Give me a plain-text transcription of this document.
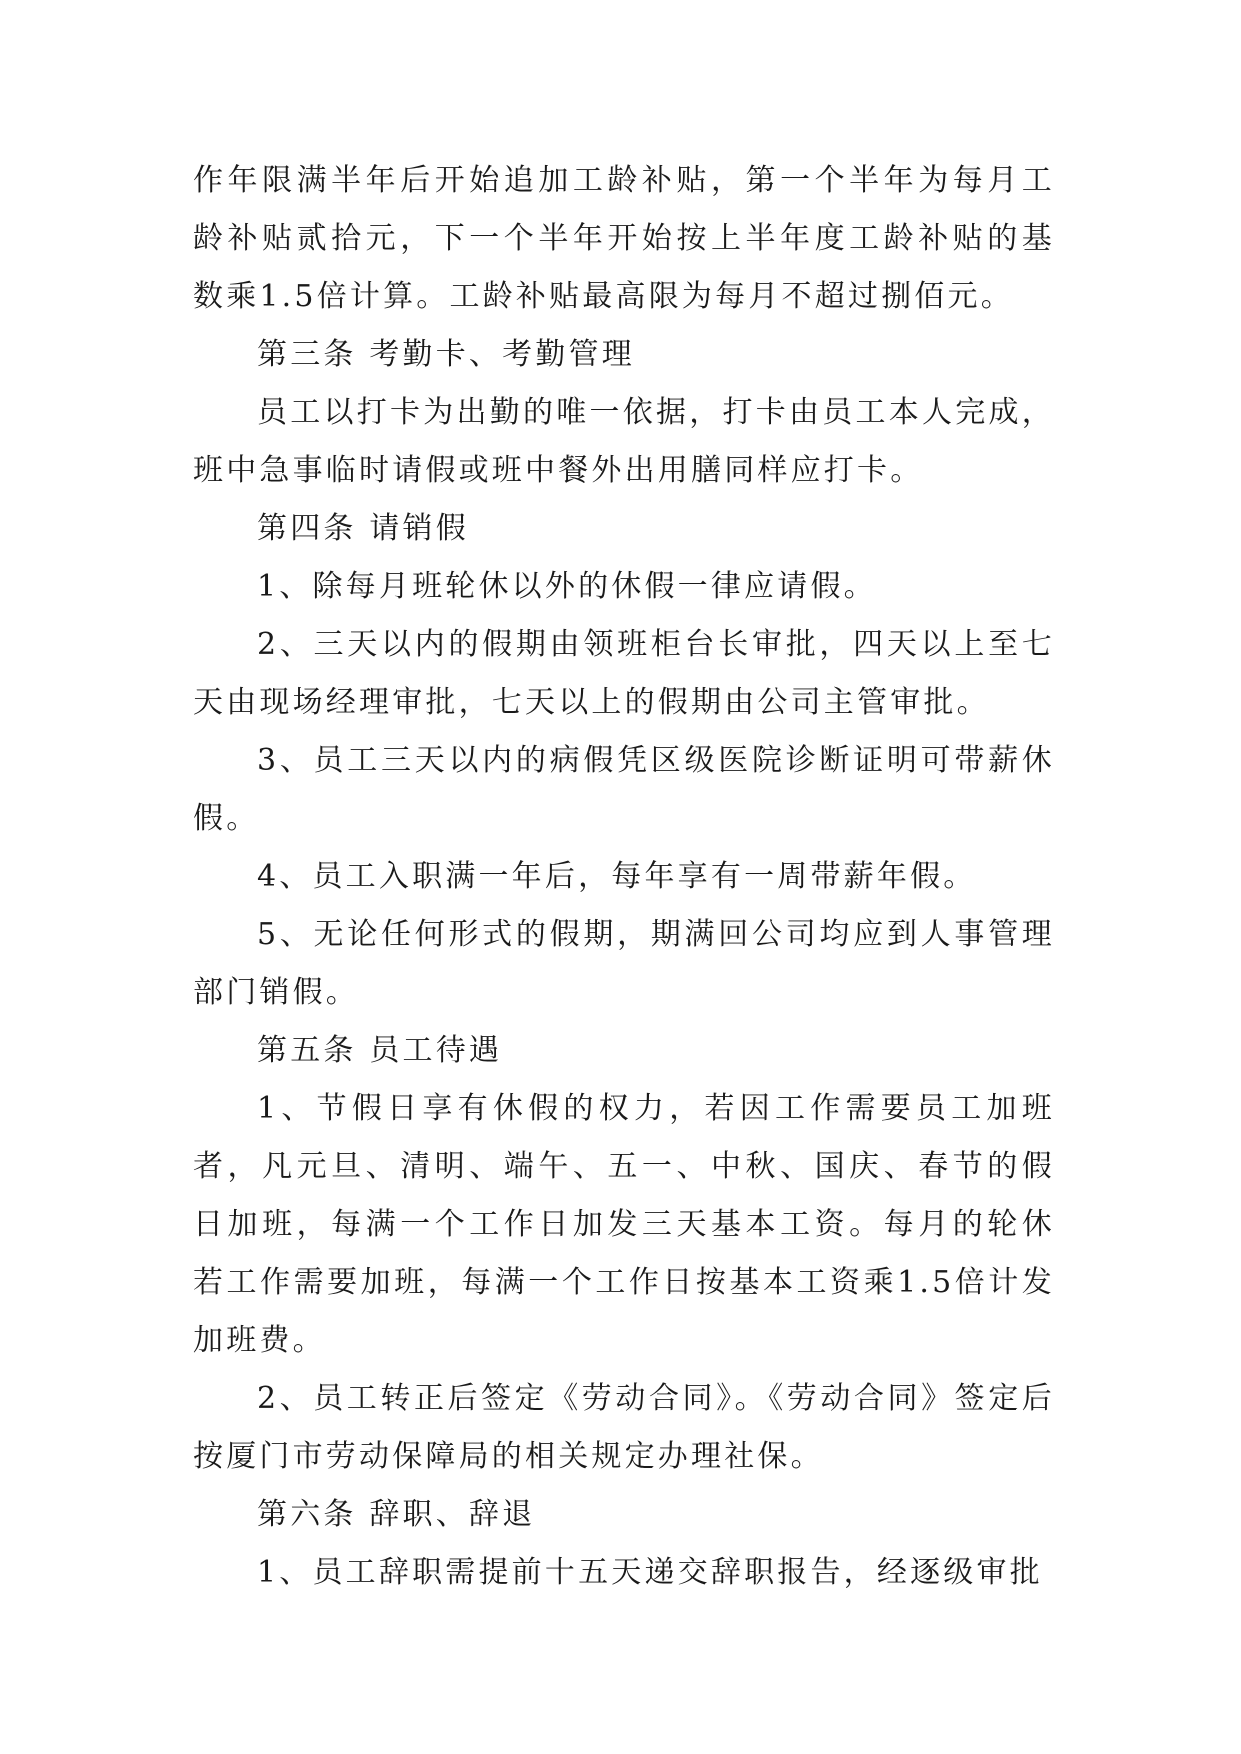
作年限满半年后开始追加工龄补贴，第一个半年为每月工龄补贴贰拾元，下一个半年开始按上半年度工龄补贴的基数乘1.5倍计算。工龄补贴最高限为每月不超过捌佰元。

第三条 考勤卡、考勤管理

员工以打卡为出勤的唯一依据，打卡由员工本人完成，班中急事临时请假或班中餐外出用膳同样应打卡。

第四条 请销假

1、除每月班轮休以外的休假一律应请假。

2、三天以内的假期由领班柜台长审批，四天以上至七天由现场经理审批，七天以上的假期由公司主管审批。

3、员工三天以内的病假凭区级医院诊断证明可带薪休假。

4、员工入职满一年后，每年享有一周带薪年假。

5、无论任何形式的假期，期满回公司均应到人事管理部门销假。

第五条 员工待遇

1、节假日享有休假的权力，若因工作需要员工加班者，凡元旦、清明、端午、五一、中秋、国庆、春节的假日加班，每满一个工作日加发三天基本工资。每月的轮休若工作需要加班，每满一个工作日按基本工资乘1.5倍计发加班费。

2、员工转正后签定《劳动合同》。《劳动合同》签定后按厦门市劳动保障局的相关规定办理社保。

第六条 辞职、辞退

1、员工辞职需提前十五天递交辞职报告，经逐级审批
